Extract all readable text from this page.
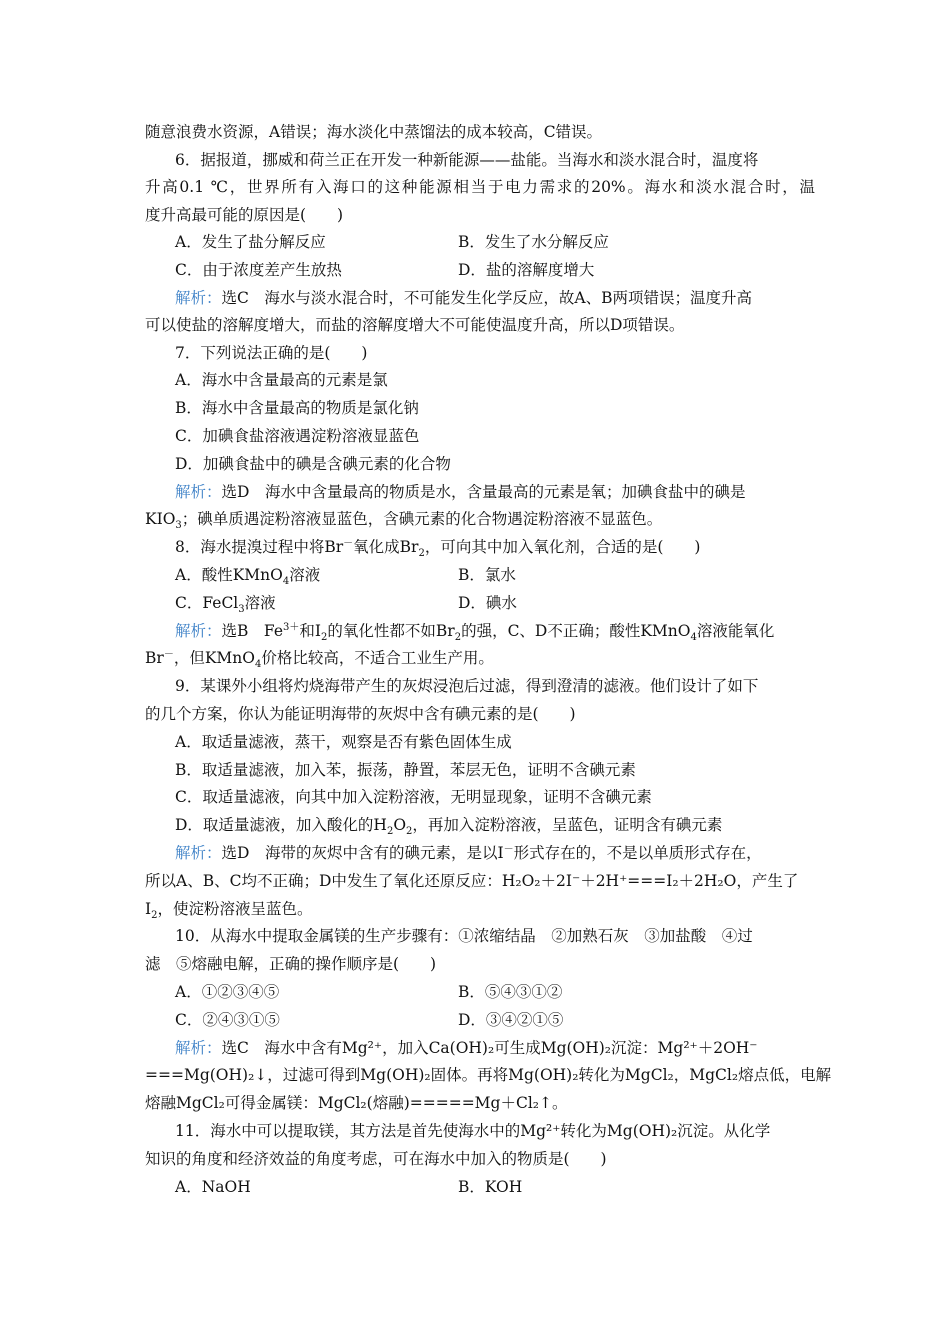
随意浪费水资源，A错误；海水淡化中蒸馏法的成本较高，C错误。
6．据报道，挪威和荷兰正在开发一种新能源——盐能。当海水和淡水混合时，温度将
升高0.1 ℃，世界所有入海口的这种能源相当于电力需求的20%。海水和淡水混合时，温
度升高最可能的原因是(　　)
A．发生了盐分解反应	B．发生了水分解反应
C．由于浓度差产生放热	D．盐的溶解度增大
解析：选C　海水与淡水混合时，不可能发生化学反应，故A、B两项错误；温度升高
可以使盐的溶解度增大，而盐的溶解度增大不可能使温度升高，所以D项错误。
7．下列说法正确的是(　　)
A．海水中含量最高的元素是氯
B．海水中含量最高的物质是氯化钠
C．加碘食盐溶液遇淀粉溶液显蓝色
D．加碘食盐中的碘是含碘元素的化合物
解析：选D　海水中含量最高的物质是水，含量最高的元素是氧；加碘食盐中的碘是
$KIO_3$；碘单质遇淀粉溶液显蓝色，含碘元素的化合物遇淀粉溶液不显蓝色。
8．海水提溴过程中将Br－氧化成$Br_2$，可向其中加入氧化剂，合适的是(　　)
A．酸性KMnO$_4$溶液	B．氯水
C．FeCl$_3$溶液	D．碘水
解析：选B　$Fe^{3+}$和$I_2$的氧化性都不如$Br_2$的强，C、D不正确；酸性KMnO$_4$溶液能氧化
Br－，但KMnO$_4$价格比较高，不适合工业生产用。
9．某课外小组将灼烧海带产生的灰烬浸泡后过滤，得到澄清的滤液。他们设计了如下
的几个方案，你认为能证明海带的灰烬中含有碘元素的是(　　)
A．取适量滤液，蒸干，观察是否有紫色固体生成
B．取适量滤液，加入苯，振荡，静置，苯层无色，证明不含碘元素
C．取适量滤液，向其中加入淀粉溶液，无明显现象，证明不含碘元素
D．取适量滤液，加入酸化的$H_2O_2$，再加入淀粉溶液，呈蓝色，证明含有碘元素
解析：选D　海带的灰烬中含有的碘元素，是以I－形式存在的，不是以单质形式存在，
所以A、B、C均不正确；D中发生了氧化还原反应：H₂O₂＋2I⁻＋2H⁺===I₂＋2H₂O，产生了
$I_2$，使淀粉溶液呈蓝色。
10．从海水中提取金属镁的生产步骤有：①浓缩结晶　②加熟石灰　③加盐酸　④过
滤　⑤熔融电解，正确的操作顺序是(　　)
A．①②③④⑤	B．⑤④③①②
C．②④③①⑤	D．③④②①⑤
解析：选C　海水中含有Mg²⁺，加入Ca(OH)₂可生成Mg(OH)₂沉淀：Mg²⁺＋2OH⁻
===Mg(OH)₂↓，过滤可得到Mg(OH)₂固体。再将Mg(OH)₂转化为MgCl₂，MgCl₂熔点低，电解
熔融MgCl₂可得金属镁：MgCl₂(熔融)=====Mg＋Cl₂↑。
11．海水中可以提取镁，其方法是首先使海水中的Mg²⁺转化为Mg(OH)₂沉淀。从化学
知识的角度和经济效益的角度考虑，可在海水中加入的物质是(　　)
A．NaOH	B．KOH
